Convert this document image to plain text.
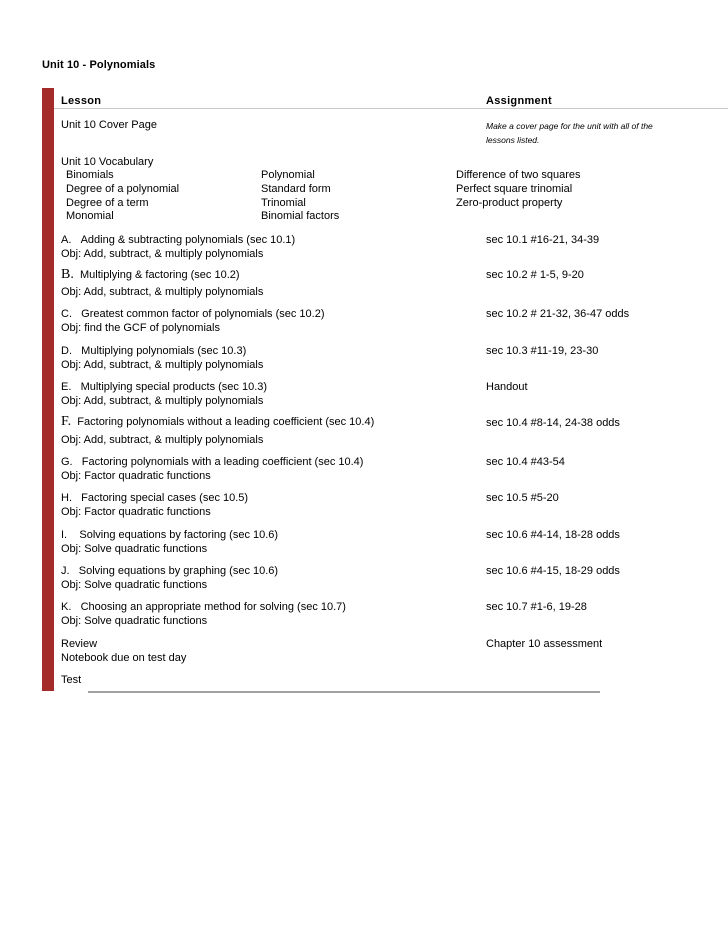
Unit 10 - Polynomials
Lesson	Assignment
Unit 10 Cover Page	Make a cover page for the unit with all of the
lessons listed.
Unit 10 Vocabulary
Binomials
Degree of a polynomial
Degree of a term
Monomial
Polynomial
Standard form
Trinomial
Binomial factors
Difference of two squares
Perfect square trinomial
Zero-product property
A. Adding & subtracting polynomials (sec 10.1)
Obj: Add, subtract, & multiply polynomials
sec 10.1 #16-21, 34-39
B. Multiplying & factoring (sec 10.2)
Obj: Add, subtract, & multiply polynomials
sec 10.2 # 1-5, 9-20
C. Greatest common factor of polynomials (sec 10.2)
Obj: find the GCF of polynomials
sec 10.2 # 21-32, 36-47 odds
D. Multiplying polynomials (sec 10.3)
Obj: Add, subtract, & multiply polynomials
sec 10.3 #11-19, 23-30
E. Multiplying special products (sec 10.3)
Obj: Add, subtract, & multiply polynomials
Handout
F. Factoring polynomials without a leading coefficient (sec 10.4)
Obj: Add, subtract, & multiply polynomials
sec 10.4 #8-14, 24-38 odds
G. Factoring polynomials with a leading coefficient (sec 10.4)
Obj: Factor quadratic functions
sec 10.4 #43-54
H. Factoring special cases (sec 10.5)
Obj: Factor quadratic functions
sec 10.5 #5-20
I. Solving equations by factoring (sec 10.6)
Obj: Solve quadratic functions
sec 10.6 #4-14, 18-28 odds
J. Solving equations by graphing (sec 10.6)
Obj: Solve quadratic functions
sec 10.6 #4-15, 18-29 odds
K. Choosing an appropriate method for solving (sec 10.7)
Obj: Solve quadratic functions
sec 10.7 #1-6, 19-28
Review
Notebook due on test day
Chapter 10 assessment
Test
